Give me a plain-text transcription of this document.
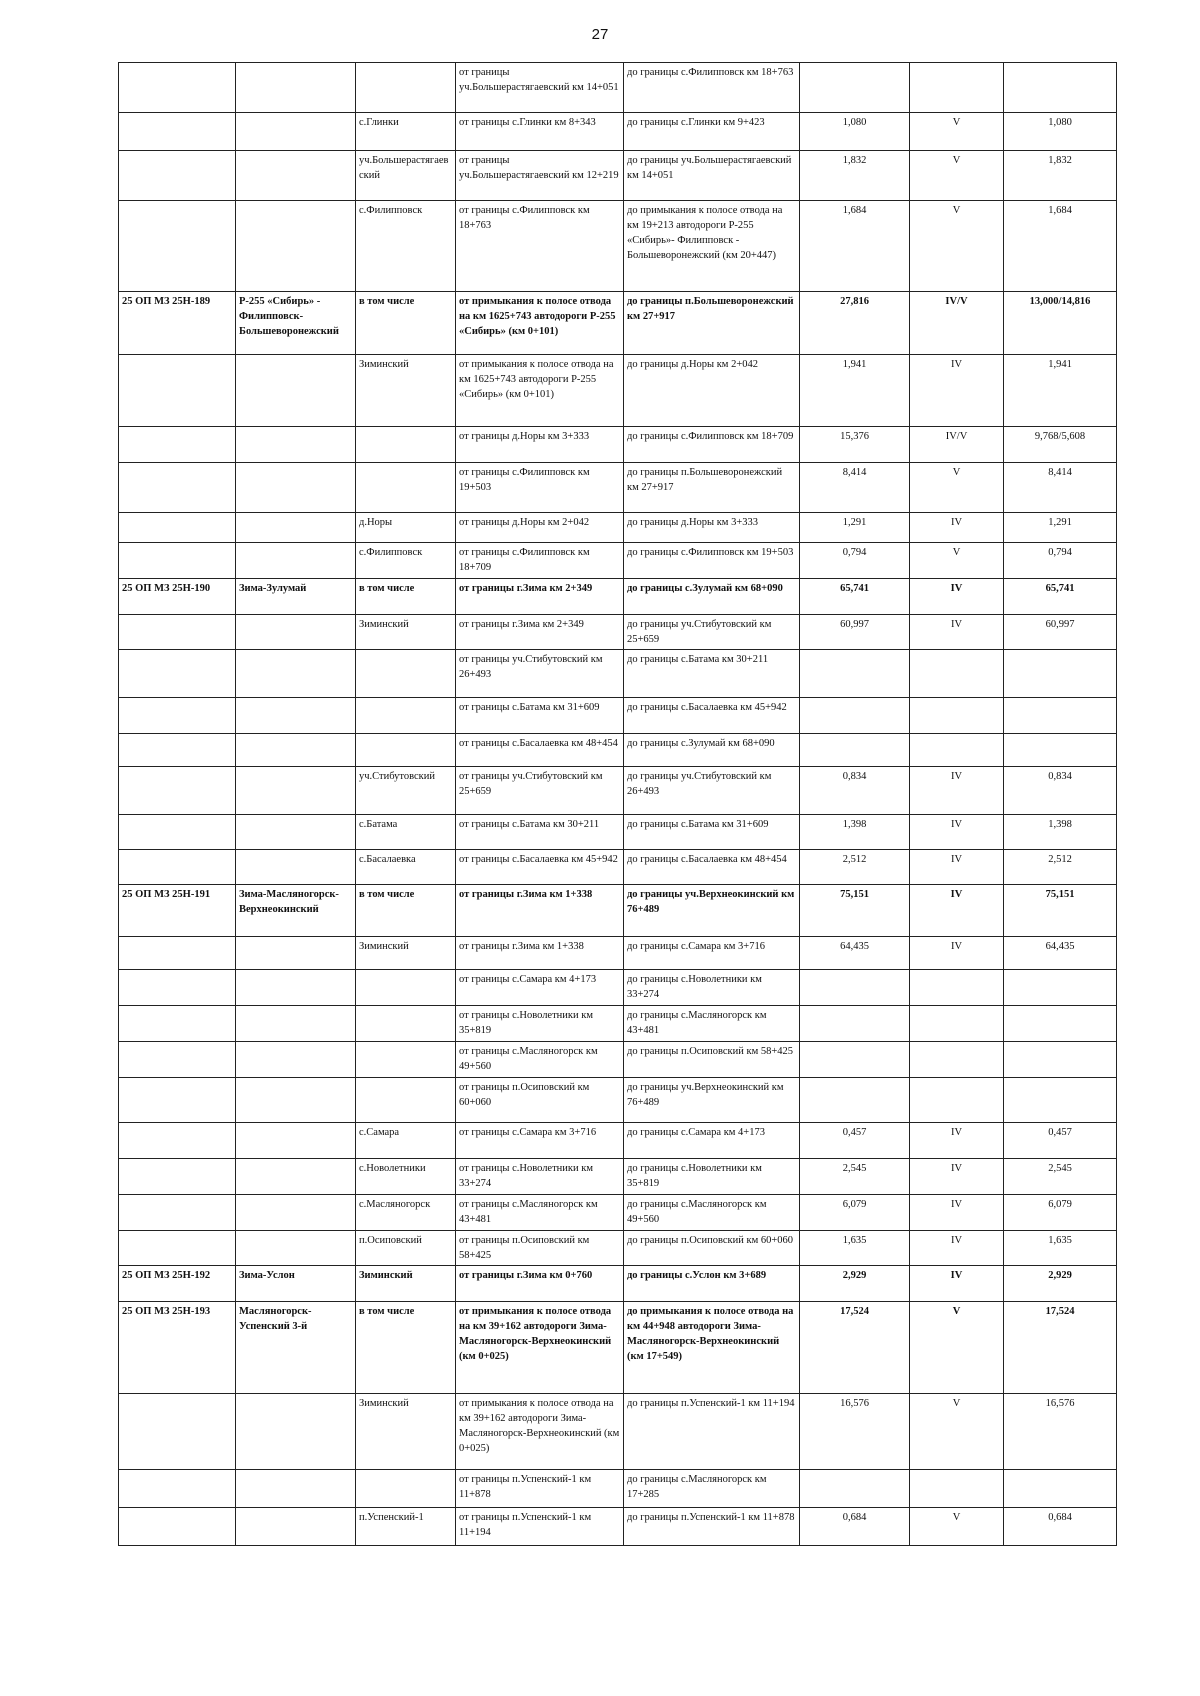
27
			от границы уч.Большерастягаевский км 14+051	до границы с.Филипповск км 18+763			
		с.Глинки	от границы с.Глинки км 8+343	до границы с.Глинки км 9+423	1,080	V	1,080
		уч.Большерастягаевский	от границы уч.Большерастягаевский км 12+219	до границы уч.Большерастягаевский км 14+051	1,832	V	1,832
		с.Филипповск	от границы с.Филипповск км 18+763	до примыкания к полосе отвода на км 19+213 автодороги Р-255 «Сибирь»- Филипповск - Большеворонежский (км 20+447)	1,684	V	1,684
25 ОП МЗ 25Н-189	Р-255 «Сибирь» - Филипповск-Большеворонежский	в том числе	от примыкания к полосе отвода на км 1625+743 автодороги Р-255 «Сибирь» (км 0+101)	до границы п.Большеворонежский км 27+917	27,816	IV/V	13,000/14,816
		Зиминский	от примыкания к полосе отвода на км 1625+743 автодороги Р-255 «Сибирь» (км 0+101)	до границы д.Норы км 2+042	1,941	IV	1,941
			от границы д.Норы км 3+333	до границы с.Филипповск км 18+709	15,376	IV/V	9,768/5,608
			от границы с.Филипповск км 19+503	до границы п.Большеворонежский км 27+917	8,414	V	8,414
		д.Норы	от границы д.Норы км 2+042	до границы д.Норы км 3+333	1,291	IV	1,291
		с.Филипповск	от границы с.Филипповск км 18+709	до границы с.Филипповск км 19+503	0,794	V	0,794
25 ОП МЗ 25Н-190	Зима-Зулумай	в том числе	от границы г.Зима км 2+349	до границы с.Зулумай км 68+090	65,741	IV	65,741
		Зиминский	от границы г.Зима км 2+349	до границы уч.Стибутовский км 25+659	60,997	IV	60,997
			от границы уч.Стибутовский км 26+493	до границы с.Батама км 30+211			
			от границы с.Батама км 31+609	до границы с.Басалаевка км 45+942			
			от границы с.Басалаевка км 48+454	до границы с.Зулумай км 68+090			
		уч.Стибутовский	от границы уч.Стибутовский км 25+659	до границы уч.Стибутовский км 26+493	0,834	IV	0,834
		с.Батама	от границы с.Батама км 30+211	до границы с.Батама км 31+609	1,398	IV	1,398
		с.Басалаевка	от границы с.Басалаевка км 45+942	до границы с.Басалаевка км 48+454	2,512	IV	2,512
25 ОП МЗ 25Н-191	Зима-Масляногорск-Верхнеокинский	в том числе	от границы г.Зима км 1+338	до границы уч.Верхнеокинский км 76+489	75,151	IV	75,151
		Зиминский	от границы г.Зима км 1+338	до границы с.Самара км 3+716	64,435	IV	64,435
			от границы с.Самара км 4+173	до границы с.Новолетники км 33+274			
			от границы с.Новолетники км 35+819	до границы с.Масляногорск км 43+481			
			от границы с.Масляногорск км 49+560	до границы п.Осиповский км 58+425			
			от границы п.Осиповский км 60+060	до границы уч.Верхнеокинский км 76+489			
		с.Самара	от границы с.Самара км 3+716	до границы с.Самара км 4+173	0,457	IV	0,457
		с.Новолетники	от границы с.Новолетники км 33+274	до границы с.Новолетники км 35+819	2,545	IV	2,545
		с.Масляногорск	от границы с.Масляногорск км 43+481	до границы с.Масляногорск км 49+560	6,079	IV	6,079
		п.Осиповский	от границы п.Осиповский км 58+425	до границы п.Осиповский км 60+060	1,635	IV	1,635
25 ОП МЗ 25Н-192	Зима-Услон	Зиминский	от границы г.Зима км 0+760	до границы с.Услон км 3+689	2,929	IV	2,929
25 ОП МЗ 25Н-193	Масляногорск-Успенский 3-й	в том числе	от примыкания к полосе отвода на км 39+162 автодороги Зима-Масляногорск-Верхнеокинский (км 0+025)	до примыкания к полосе отвода на км 44+948 автодороги Зима-Масляногорск-Верхнеокинский (км 17+549)	17,524	V	17,524
		Зиминский	от примыкания к полосе отвода на км 39+162 автодороги Зима-Масляногорск-Верхнеокинский (км 0+025)	до границы п.Успенский-1 км 11+194	16,576	V	16,576
			от границы п.Успенский-1 км 11+878	до границы с.Масляногорск км 17+285			
		п.Успенский-1	от границы п.Успенский-1 км 11+194	до границы п.Успенский-1 км 11+878	0,684	V	0,684
